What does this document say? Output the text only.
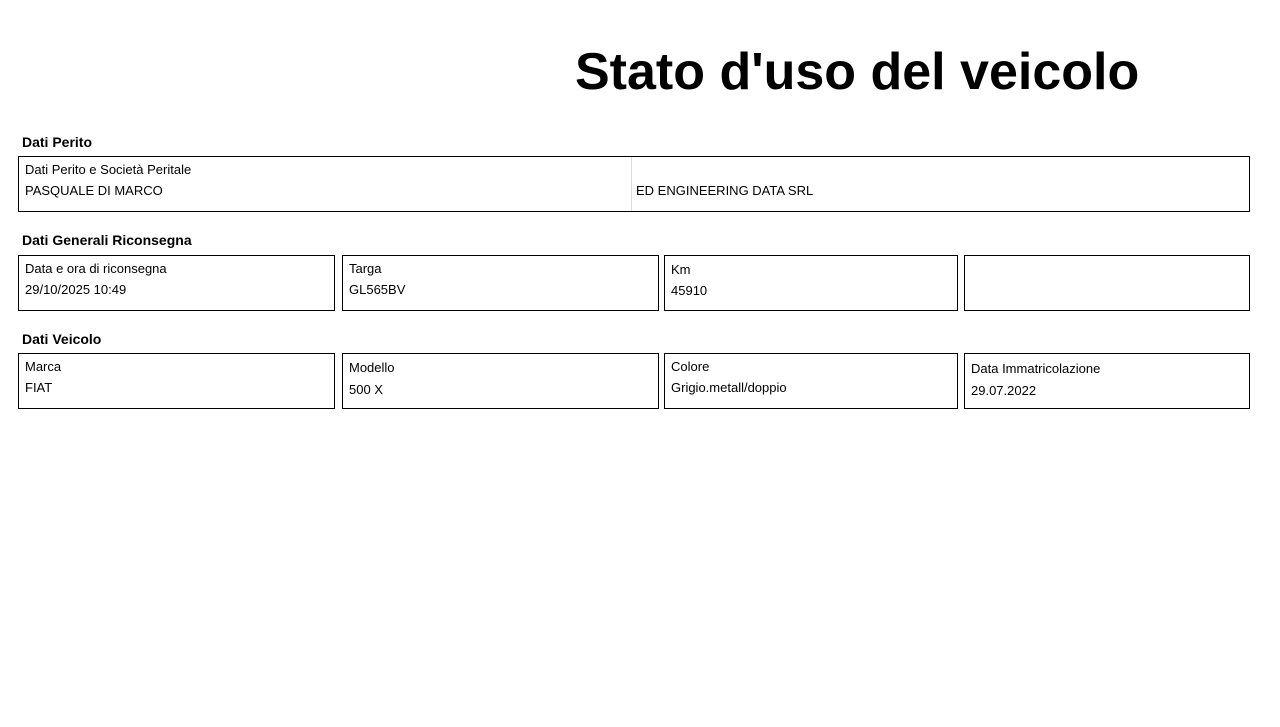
Stato d'uso del veicolo
Dati Perito
Dati Perito e Società Peritale
PASQUALE DI MARCO	ED ENGINEERING DATA SRL
Dati Generali Riconsegna
Data e ora di riconsegna
29/10/2025 10:49
Targa
GL565BV
Km
45910
Dati Veicolo
Marca
FIAT
Modello
500 X
Colore
Grigio.metall/doppio
Data Immatricolazione
29.07.2022
